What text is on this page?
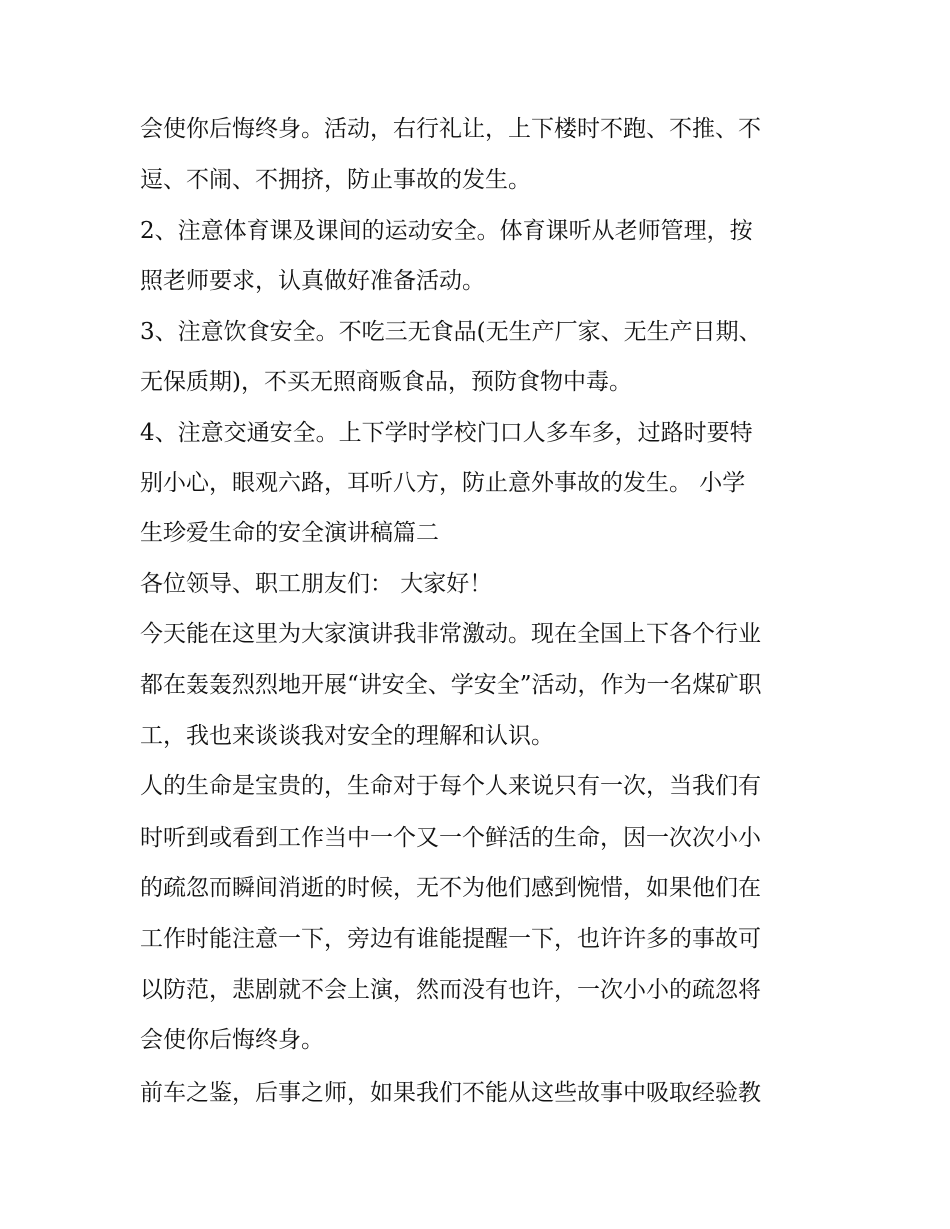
会使你后悔终身。活动，右行礼让，上下楼时不跑、不推、不
逗、不闹、不拥挤，防止事故的发生。
2、注意体育课及课间的运动安全。体育课听从老师管理，按
照老师要求，认真做好准备活动。
3、注意饮食安全。不吃三无食品(无生产厂家、无生产日期、
无保质期)，不买无照商贩食品，预防食物中毒。
4、注意交通安全。上下学时学校门口人多车多，过路时要特
别小心，眼观六路，耳听八方，防止意外事故的发生。 小学
生珍爱生命的安全演讲稿篇二
各位领导、职工朋友们： 大家好！
今天能在这里为大家演讲我非常激动。现在全国上下各个行业
都在轰轰烈烈地开展“讲安全、学安全”活动，作为一名煤矿职
工，我也来谈谈我对安全的理解和认识。
人的生命是宝贵的，生命对于每个人来说只有一次，当我们有
时听到或看到工作当中一个又一个鲜活的生命，因一次次小小
的疏忽而瞬间消逝的时候，无不为他们感到惋惜，如果他们在
工作时能注意一下，旁边有谁能提醒一下，也许许多的事故可
以防范，悲剧就不会上演，然而没有也许，一次小小的疏忽将
会使你后悔终身。
前车之鉴，后事之师，如果我们不能从这些故事中吸取经验教
